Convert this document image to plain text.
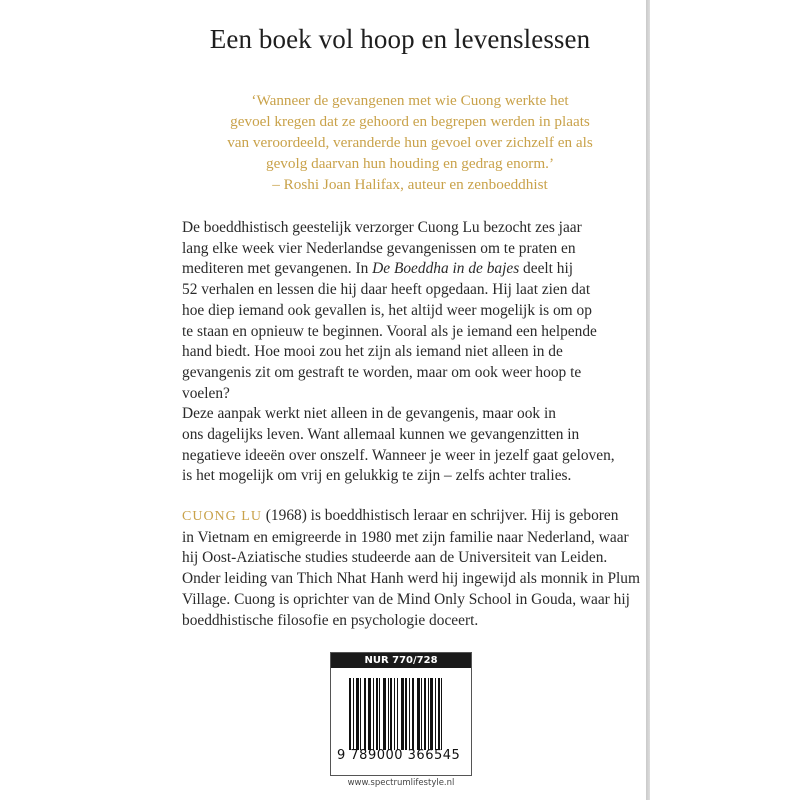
Een boek vol hoop en levenslessen
‘Wanneer de gevangenen met wie Cuong werkte het
gevoel kregen dat ze gehoord en begrepen werden in plaats
van veroordeeld, veranderde hun gevoel over zichzelf en als
gevolg daarvan hun houding en gedrag enorm.’
– Roshi Joan Halifax, auteur en zenboeddhist
De boeddhistisch geestelijk verzorger Cuong Lu bezocht zes jaar
lang elke week vier Nederlandse gevangenissen om te praten en
mediteren met gevangenen. In De Boeddha in de bajes deelt hij
52 verhalen en lessen die hij daar heeft opgedaan. Hij laat zien dat
hoe diep iemand ook gevallen is, het altijd weer mogelijk is om op
te staan en opnieuw te beginnen. Vooral als je iemand een helpende
hand biedt. Hoe mooi zou het zijn als iemand niet alleen in de
gevangenis zit om gestraft te worden, maar om ook weer hoop te
voelen?
Deze aanpak werkt niet alleen in de gevangenis, maar ook in
ons dagelijks leven. Want allemaal kunnen we gevangenzitten in
negatieve ideeën over onszelf. Wanneer je weer in jezelf gaat geloven,
is het mogelijk om vrij en gelukkig te zijn – zelfs achter tralies.
CUONG LU (1968) is boeddhistisch leraar en schrijver. Hij is geboren
in Vietnam en emigreerde in 1980 met zijn familie naar Nederland, waar
hij Oost-Aziatische studies studeerde aan de Universiteit van Leiden.
Onder leiding van Thich Nhat Hanh werd hij ingewijd als monnik in Plum
Village. Cuong is oprichter van de Mind Only School in Gouda, waar hij
boeddhistische filosofie en psychologie doceert.
NUR 770/728
9 789000 366545
www.spectrumlifestyle.nl
